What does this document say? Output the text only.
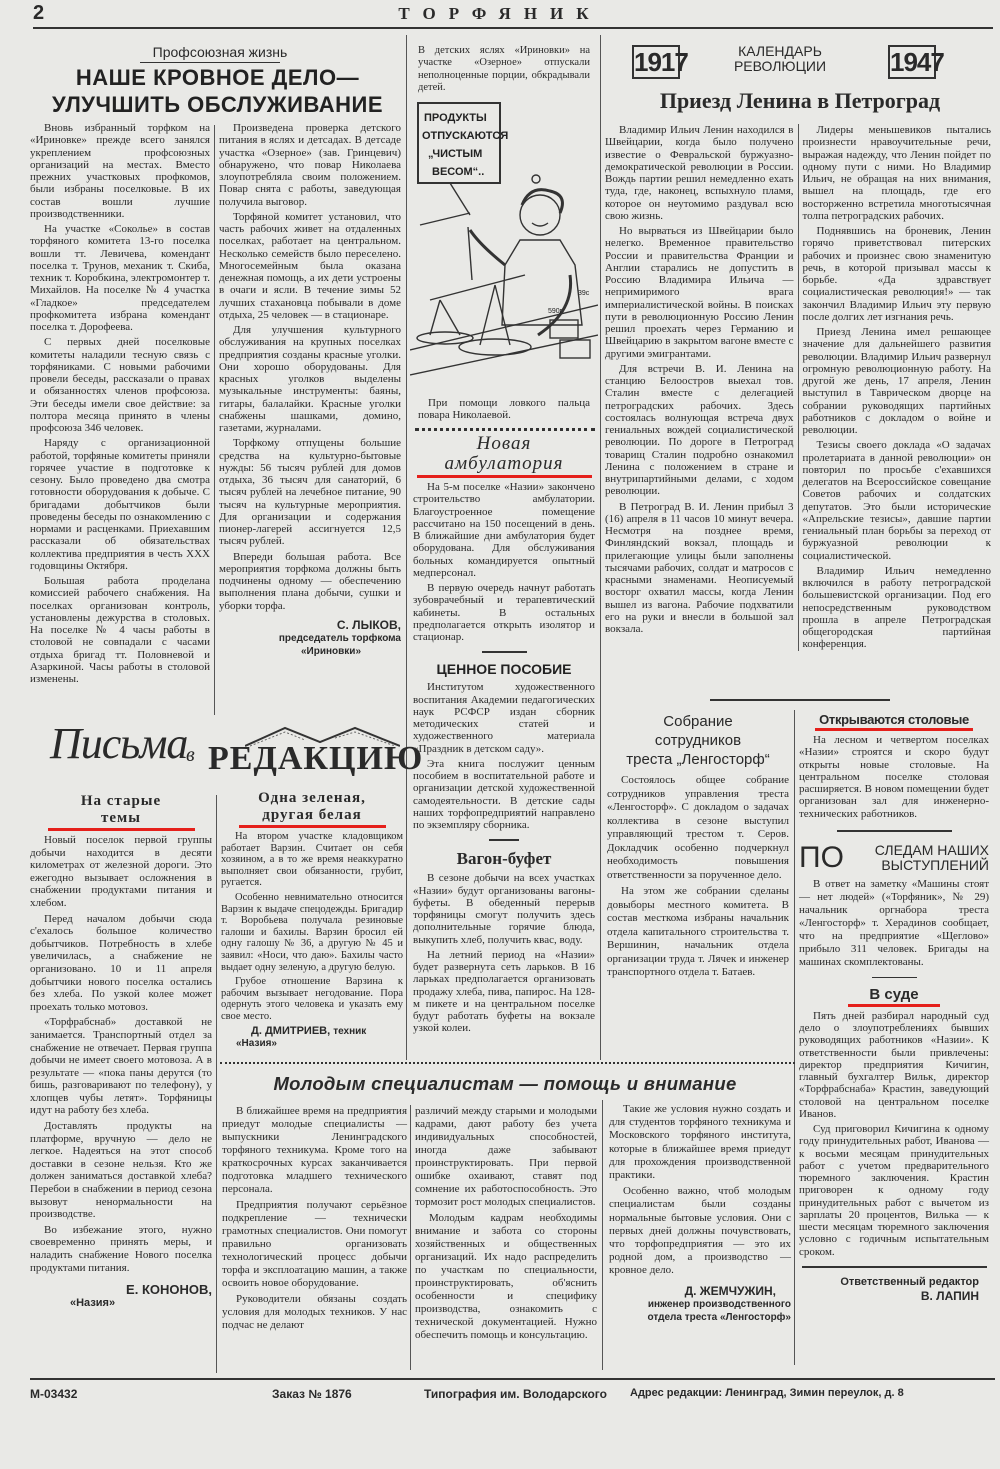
2	ТОРФЯНИК
Профсоюзная жизнь
НАШЕ КРОВНОЕ ДЕЛО—
УЛУЧШИТЬ ОБСЛУЖИВАНИЕ

Вновь избранный торфком на «Ириновке» прежде всего занялся укреплением профсоюзных организаций на местах. Вместо прежних участковых профкомов, были избраны поселковые. В их состав вошли лучшие производственники.

На участке «Соколье» в состав торфяного комитета 13-го поселка вошли тт. Левичева, комендант поселка т. Трунов, механик т. Скиба, техник т. Коробкина, электромонтер т. Михайлов. На поселке № 4 участка «Гладкое» председателем профкомитета избрана комендант поселка т. Дорофеева.

С первых дней поселковые комитеты наладили тесную связь с торфяниками. С новыми рабочими провели беседы, рассказали о правах и обязанностях членов профсоюза. Эти беседы имели свое действие: за полтора месяца принято в члены профсоюза 346 человек.

Наряду с организационной работой, торфяные комитеты приняли горячее участие в подготовке к сезону. Было проведено два смотра готовности оборудования к добыче. С бригадами добытчиков были проведены беседы по ознакомлению с нормами и расценками. Приехавшим рассказали об обязательствах коллектива предприятия в честь XXX годовщины Октября.

Большая работа проделана комиссией рабочего снабжения. На поселках организован контроль, установлены дежурства в столовых. На поселке № 4 часы работы в столовой не совпадали с часами отдыха бригад тт. Половневой и Азаркиной. Часы работы в столовой изменены.

Произведена проверка детского питания в яслях и детсадах. В детсаде участка «Озерное» (зав. Гринцевич) обнаружено, что повар Николаева злоупотребляла своим положением. Повар снята с работы, заведующая получила выговор.

Торфяной комитет установил, что часть рабочих живет на отдаленных поселках, работает на центральном. Несколько семейств было переселено. Многосемейным была оказана денежная помощь, а их дети устроены в очаги и ясли. В течение зимы 52 лучших стахановца побывали в доме отдыха, 25 человек — в стационаре.

Для улучшения культурного обслуживания на крупных поселках предприятия созданы красные уголки. Они хорошо оборудованы. Для красных уголков выделены музыкальные инструменты: баяны, гитары, балалайки. Красные уголки снабжены шашками, домино, газетами, журналами.

Торфкому отпущены большие средства на культурно-бытовые нужды: 56 тысяч рублей для домов отдыха, 36 тысяч для санаторий, 6 тысяч рублей на лечебное питание, 90 тысяч на культурные мероприятия. Для организации и содержания пионер-лагерей ассигнуется 12,5 тысяч рублей.

Впереди большая работа. Все мероприятия торфкома должны быть подчинены одному — обеспечению выполнения плана добычи, сушки и уборки торфа.

С. ЛЫКОВ,
председатель торфкома
«Ириновки»
В детских яслях «Ириновки» на участке «Озерное» отпускали неполноценные порции, обкрадывали детей.
ПРОДУКТЫ
ОТПУСКАЮТСЯ
„ЧИСТЫМ
ВЕСОМ“..
39с
590г
При помощи ловкого пальца повара Николаевой.
Новая
амбулатория

На 5-м поселке «Назии» закончено строительство амбулатории. Благоустроенное помещение рассчитано на 150 посещений в день. В ближайшие дни амбулатория будет оборудована. Для обслуживания больных командируется опытный медперсонал.

В первую очередь начнут работать зубоврачебный и терапевтический кабинеты. В остальных предполагается открыть изолятор и стационар.

ЦЕННОЕ ПОСОБИЕ

Институтом художественного воспитания Академии педагогических наук РСФСР издан сборник методических статей и художественного материала «Праздник в детском саду».

Эта книга послужит ценным пособием в воспитательной работе и организации детской художественной самодеятельности. В детские сады наших торфопредприятий направлено по экземпляру сборника.

Вагон-буфет

В сезоне добычи на всех участках «Назии» будут организованы вагоны-буфеты. В обеденный перерыв торфяницы смогут получить здесь дополнительные горячие блюда, выкупить хлеб, получить квас, воду.

На летний период на «Назии» будет развернута сеть ларьков. В 16 ларьках предполагается организовать продажу хлеба, пива, папирос. На 128-м пикете и на центральном поселке будут работать буфеты на вокзале узкой колеи.

1917	КАЛЕНДАРЬ
РЕВОЛЮЦИИ	1947
Приезд Ленина в Петроград

Владимир Ильич Ленин находился в Швейцарии, когда было получено известие о Февральской буржуазно-демократической революции в России. Вождь партии решил немедленно ехать туда, где, наконец, вспыхнуло пламя, которое он неутомимо раздувал всю свою жизнь.

Но вырваться из Швейцарии было нелегко. Временное правительство России и правительства Франции и Англии старались не допустить в Россию Владимира Ильича — непримиримого врага империалистической войны. В поисках пути в революционную Россию Ленин решил проехать через Германию и Швейцарию в закрытом вагоне вместе с другими эмигрантами.

Для встречи В. И. Ленина на станцию Белоостров выехал тов. Сталин вместе с делегацией петроградских рабочих. Здесь состоялась волнующая встреча двух гениальных вождей социалистической революции. По дороге в Петроград товарищ Сталин подробно ознакомил Ленина с положением в стране и внутрипартийными делами, с ходом революции.

В Петроград В. И. Ленин прибыл 3 (16) апреля в 11 часов 10 минут вечера. Несмотря на позднее время, Финляндский вокзал, площадь и прилегающие улицы были заполнены тысячами рабочих, солдат и матросов с красными знаменами. Неописуемый восторг охватил массы, когда Ленин вышел из вагона. Рабочие подхватили его на руки и внесли в большой зал вокзала.

Лидеры меньшевиков пытались произнести нравоучительные речи, выражая надежду, что Ленин пойдет по одному пути с ними. Но Владимир Ильич, не обращая на них внимания, вышел на площадь, где его восторженно встретила многотысячная толпа петроградских рабочих.

Поднявшись на броневик, Ленин горячо приветствовал питерских рабочих и произнес свою знаменитую речь, в которой призывал массы к борьбе. «Да здравствует социалистическая революция!» — так закончил Владимир Ильич эту первую после долгих лет изгнания речь.

Приезд Ленина имел решающее значение для дальнейшего развития революции. Владимир Ильич развернул огромную революционную работу. На другой же день, 17 апреля, Ленин выступил в Таврическом дворце на собрании руководящих партийных работников с докладом о войне и революции.

Тезисы своего доклада «О задачах пролетариата в данной революции» он повторил по просьбе с'ехавшихся делегатов на Всероссийское совещание Советов рабочих и солдатских депутатов. Это были исторические «Апрельские тезисы», давшие партии гениальный план борьбы за переход от буржуазной революции к социалистической.

Владимир Ильич немедленно включился в работу петроградской большевистской организации. Под его непосредственным руководством прошла в апреле Петроградская общегородская партийная конференция.

Собрание
сотрудников
треста „Ленгосторф“

Состоялось общее собрание сотрудников управления треста «Ленгосторф». С докладом о задачах коллектива в сезоне выступил управляющий трестом т. Серов. Докладчик особенно подчеркнул необходимость повышения ответственности за порученное дело.

На этом же собрании сделаны довыборы местного комитета. В состав месткома избраны начальник отдела капитального строительства т. Вершинин, начальник отдела организации труда т. Лячек и инженер транспортного отдела т. Батаев.

Открываются столовые

На лесном и четвертом поселках «Назии» строятся и скоро будут открыты новые столовые. На центральном поселке столовая расширяется. В новом помещении будет организован зал для инженерно-технических работников.

ПО СЛЕДАМ НАШИХ
ВЫСТУПЛЕНИЙ

В ответ на заметку «Машины стоят — нет людей» («Торфяник», № 29) начальник оргнабора треста «Ленгосторф» т. Херадинов сообщает, что на предприятие «Щеглово» прибыло 311 человек. Бригады на машинах скомплектованы.

В суде

Пять дней разбирал народный суд дело о злоупотреблениях бывших руководящих работников «Назии». К ответственности были привлечены: директор предприятия Кичигин, главный бухгалтер Вильк, директор «Торфрабснаба» Крастин, заведующий столовой на центральном поселке Иванов.

Суд приговорил Кичигина к одному году принудительных работ, Иванова — к восьми месяцам принудительных работ с учетом предварительного тюремного заключения. Крастин приговорен к одному году принудительных работ с вычетом из зарплаты 20 процентов, Вилька — к шести месяцам тюремного заключения условно с годичным испытательным сроком.

Ответственный редактор
В. ЛАПИН
Письма
в РЕДАКЦИЮ
На старые
темы

Новый поселок первой группы добычи находится в десяти километрах от железной дороги. Это ежегодно вызывает осложнения в снабжении продуктами питания и хлебом.

Перед началом добычи сюда с'ехалось большое количество добытчиков. Потребность в хлебе увеличилась, а снабжение не организовано. 10 и 11 апреля добытчики нового поселка остались без хлеба. По узкой колее может проехать только мотовоз.

«Торфрабснаб» доставкой не занимается. Транспортный отдел за снабжение не отвечает. Первая группа добычи не имеет своего мотовоза. А в результате — «пока паны дерутся (то бишь, разговаривают по телефону), у хлопцев чубы летят». Торфяницы идут на работу без хлеба.

Доставлять продукты на платформе, вручную — дело не легкое. Надеяться на этот способ доставки в сезоне нельзя. Кто же должен заниматься доставкой хлеба? Перебои в снабжении в период сезона вызовут ненормальности на производстве.

Во избежание этого, нужно своевременно принять меры, и наладить снабжение Нового поселка продуктами питания.

Е. КОНОНОВ,
«Назия»
Одна зеленая,
другая белая

На втором участке кладовщиком работает Варзин. Считает он себя хозяином, а в то же время неаккуратно выполняет свои обязанности, грубит, ругается.

Особенно невнимательно относится Варзин к выдаче спецодежды. Бригадир т. Воробьева получала резиновые галоши и бахилы. Варзин бросил ей одну галошу № 36, а другую № 45 и заявил: «Носи, что даю». Бахилы часто выдает одну зеленую, а другую белую.

Грубое отношение Варзина к рабочим вызывает негодование. Пора одернуть этого человека и указать ему свое место.

Д. ДМИТРИЕВ, техник
«Назия»
Молодым специалистам — помощь и внимание

В ближайшее время на предприятия приедут молодые специалисты — выпускники Ленинградского торфяного техникума. Кроме того на краткосрочных курсах заканчивается подготовка младшего технического персонала.

Предприятия получают серьёзное подкрепление — технически грамотных специалистов. Они помогут правильно организовать технологический процесс добычи торфа и эксплоатацию машин, а также освоить новое оборудование.

Руководители обязаны создать условия для молодых техников. У нас подчас не делают

различий между старыми и молодыми кадрами, дают работу без учета индивидуальных способностей, иногда даже забывают проинструктировать. При первой ошибке охаивают, ставят под сомнение их работоспособность. Это тормозит рост молодых специалистов.

Молодым кадрам необходимы внимание и забота со стороны хозяйственных и общественных организаций. Их надо распределить по участкам по специальности, проинструктировать, об'яснить особенности и специфику производства, ознакомить с технической документацией. Нужно обеспечить помощь и консультацию.

Такие же условия нужно создать и для студентов торфяного техникума и Московского торфяного института, которые в ближайшее время приедут для прохождения производственной практики.

Особенно важно, чтоб молодым специалистам были созданы нормальные бытовые условия. Они с первых дней должны почувствовать, что торфопредприятия — это их родной дом, а производство — кровное дело.

Д. ЖЕМЧУЖИН,
инженер производственного
отдела треста «Ленгосторф»
М-03432	Заказ № 1876	Типография им. Володарского Адрес редакции: Ленинград, Зимин переулок, д. 8
